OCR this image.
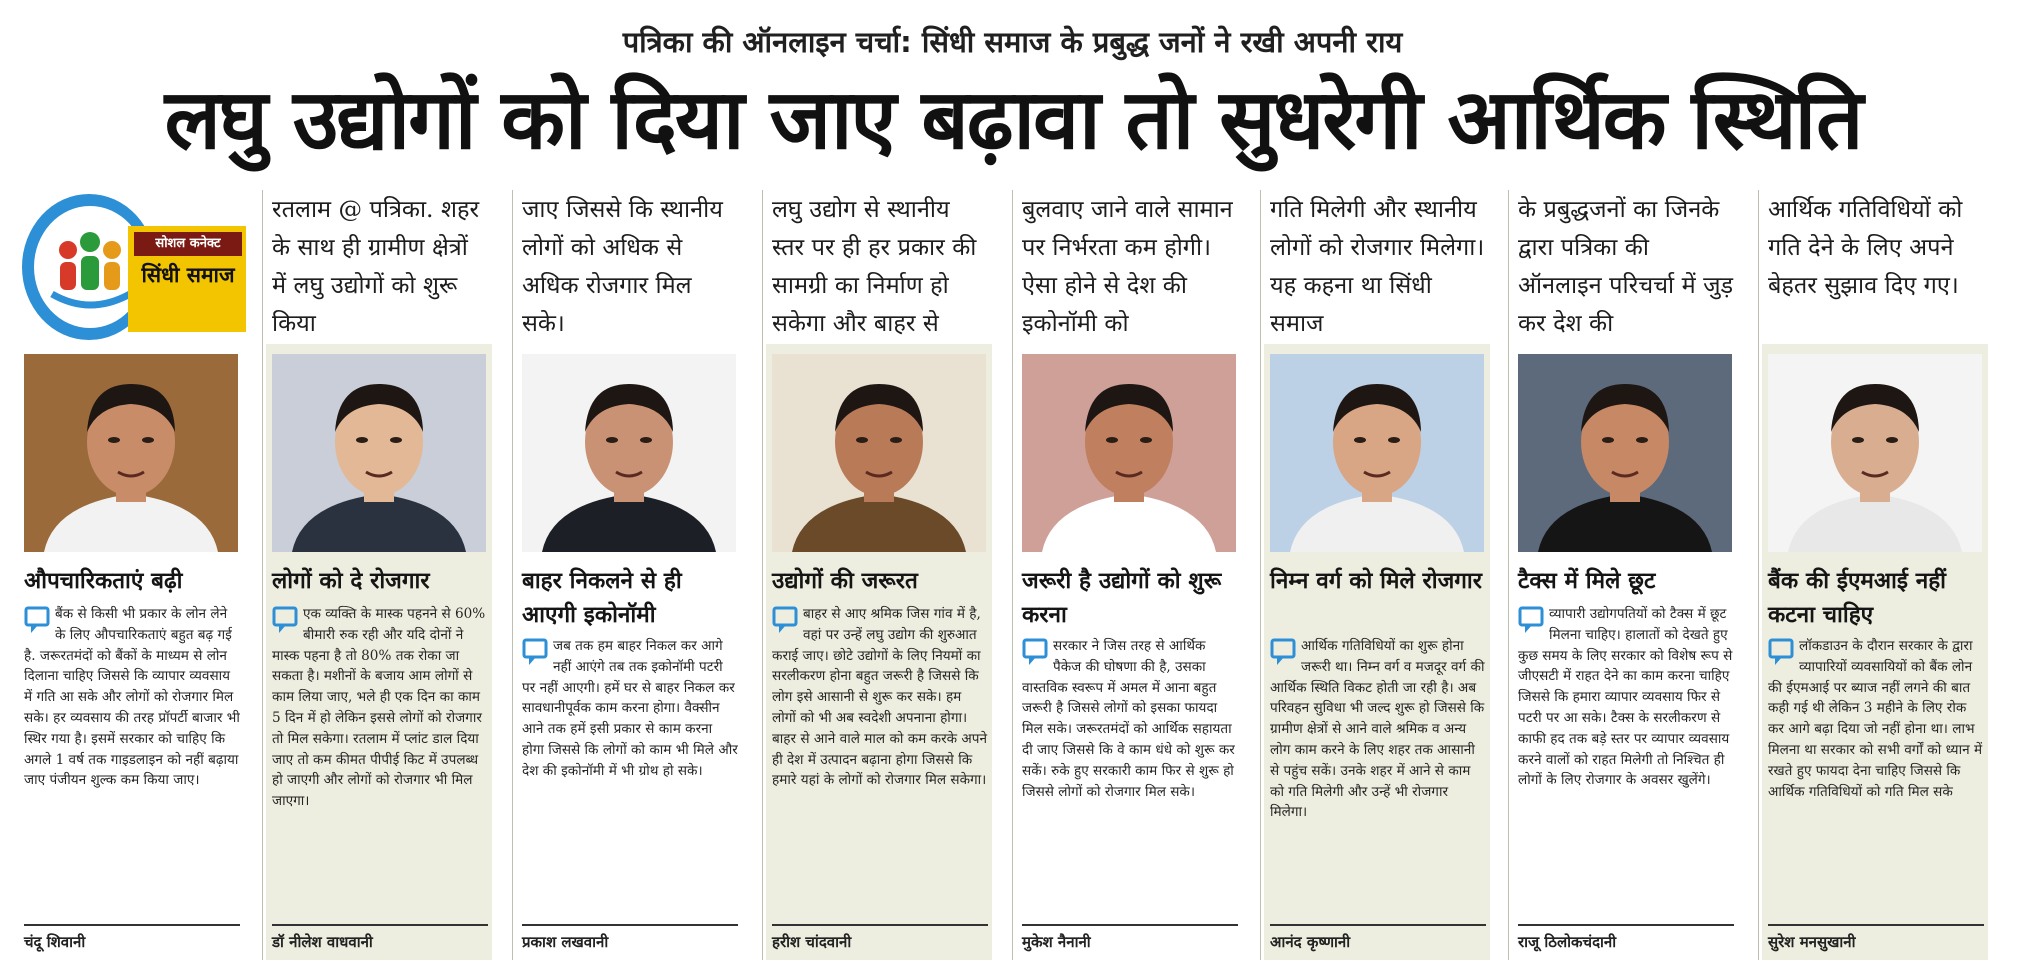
पत्रिका की ऑनलाइन चर्चा: सिंधी समाज के प्रबुद्ध जनों ने रखी अपनी राय
लघु उद्योगों को दिया जाए बढ़ावा तो सुधरेगी आर्थिक स्थिति
सोशल कनेक्ट
सिंधी समाज
औपचारिकताएं बढ़ी
बैंक से किसी भी प्रकार के लोन लेने के लिए औपचारिकताएं बहुत बढ़ गई है. जरूरतमंदों को बैंकों के माध्यम से लोन दिलाना चाहिए जिससे कि व्यापार व्यवसाय में गति आ सके और लोगों को रोजगार मिल सके। हर व्यवसाय की तरह प्रॉपर्टी बाजार भी स्थिर गया है। इसमें सरकार को चाहिए कि अगले 1 वर्ष तक गाइडलाइन को नहीं बढ़ाया जाए पंजीयन शुल्क कम किया जाए।
चंदू शिवानी
रतलाम @ पत्रिका. शहर के साथ ही ग्रामीण क्षेत्रों में लघु उद्योगों को शुरू किया
लोगों को दे रोजगार
एक व्यक्ति के मास्क पहनने से 60% बीमारी रुक रही और यदि दोनों ने मास्क पहना है तो 80% तक रोका जा सकता है। मशीनों के बजाय आम लोगों से काम लिया जाए, भले ही एक दिन का काम 5 दिन में हो लेकिन इससे लोगों को रोजगार तो मिल सकेगा। रतलाम में प्लांट डाल दिया जाए तो कम कीमत पीपीई किट में उपलब्ध हो जाएगी और लोगों को रोजगार भी मिल जाएगा।
डॉ नीलेश वाधवानी
जाए जिससे कि स्थानीय लोगों को अधिक से अधिक रोजगार मिल सके।
बाहर निकलने से ही आएगी इकोनॉमी
जब तक हम बाहर निकल कर आगे नहीं आएंगे तब तक इकोनॉमी पटरी पर नहीं आएगी। हमें घर से बाहर निकल कर सावधानीपूर्वक काम करना होगा। वैक्सीन आने तक हमें इसी प्रकार से काम करना होगा जिससे कि लोगों को काम भी मिले और देश की इकोनॉमी में भी ग्रोथ हो सके।
प्रकाश लखवानी
लघु उद्योग से स्थानीय स्तर पर ही हर प्रकार की सामग्री का निर्माण हो सकेगा और बाहर से
उद्योगों की जरूरत
बाहर से आए श्रमिक जिस गांव में है, वहां पर उन्हें लघु उद्योग की शुरुआत कराई जाए। छोटे उद्योगों के लिए नियमों का सरलीकरण होना बहुत जरूरी है जिससे कि लोग इसे आसानी से शुरू कर सके। हम लोगों को भी अब स्वदेशी अपनाना होगा। बाहर से आने वाले माल को कम करके अपने ही देश में उत्पादन बढ़ाना होगा जिससे कि हमारे यहां के लोगों को रोजगार मिल सकेगा।
हरीश चांदवानी
बुलवाए जाने वाले सामान पर निर्भरता कम होगी। ऐसा होने से देश की इकोनॉमी को
जरूरी है उद्योगों को शुरू करना
सरकार ने जिस तरह से आर्थिक पैकेज की घोषणा की है, उसका वास्तविक स्वरूप में अमल में आना बहुत जरूरी है जिससे लोगों को इसका फायदा मिल सके। जरूरतमंदों को आर्थिक सहायता दी जाए जिससे कि वे काम धंधे को शुरू कर सकें। रुके हुए सरकारी काम फिर से शुरू हो जिससे लोगों को रोजगार मिल सके।
मुकेश नैनानी
गति मिलेगी और स्थानीय लोगों को रोजगार मिलेगा। यह कहना था सिंधी समाज
निम्न वर्ग को मिले रोजगार
आर्थिक गतिविधियों का शुरू होना जरूरी था। निम्न वर्ग व मजदूर वर्ग की आर्थिक स्थिति विकट होती जा रही है। अब परिवहन सुविधा भी जल्द शुरू हो जिससे कि ग्रामीण क्षेत्रों से आने वाले श्रमिक व अन्य लोग काम करने के लिए शहर तक आसानी से पहुंच सकें। उनके शहर में आने से काम को गति मिलेगी और उन्हें भी रोजगार मिलेगा।
आनंद कृष्णानी
के प्रबुद्धजनों का जिनके द्वारा पत्रिका की ऑनलाइन परिचर्चा में जुड़ कर देश की
टैक्स में मिले छूट
व्यापारी उद्योगपतियों को टैक्स में छूट मिलना चाहिए। हालातों को देखते हुए कुछ समय के लिए सरकार को विशेष रूप से जीएसटी में राहत देने का काम करना चाहिए जिससे कि हमारा व्यापार व्यवसाय फिर से पटरी पर आ सके। टैक्स के सरलीकरण से काफी हद तक बड़े स्तर पर व्यापार व्यवसाय करने वालों को राहत मिलेगी तो निश्चित ही लोगों के लिए रोजगार के अवसर खुलेंगे।
राजू ठिलोकचंदानी
आर्थिक गतिविधियों को गति देने के लिए अपने बेहतर सुझाव दिए गए।
बैंक की ईएमआई नहीं कटना चाहिए
लॉकडाउन के दौरान सरकार के द्वारा व्यापारियों व्यवसायियों को बैंक लोन की ईएमआई पर ब्याज नहीं लगने की बात कही गई थी लेकिन 3 महीने के लिए रोक कर आगे बढ़ा दिया जो नहीं होना था। लाभ मिलना था सरकार को सभी वर्गों को ध्यान में रखते हुए फायदा देना चाहिए जिससे कि आर्थिक गतिविधियों को गति मिल सके
सुरेश मनसुखानी
